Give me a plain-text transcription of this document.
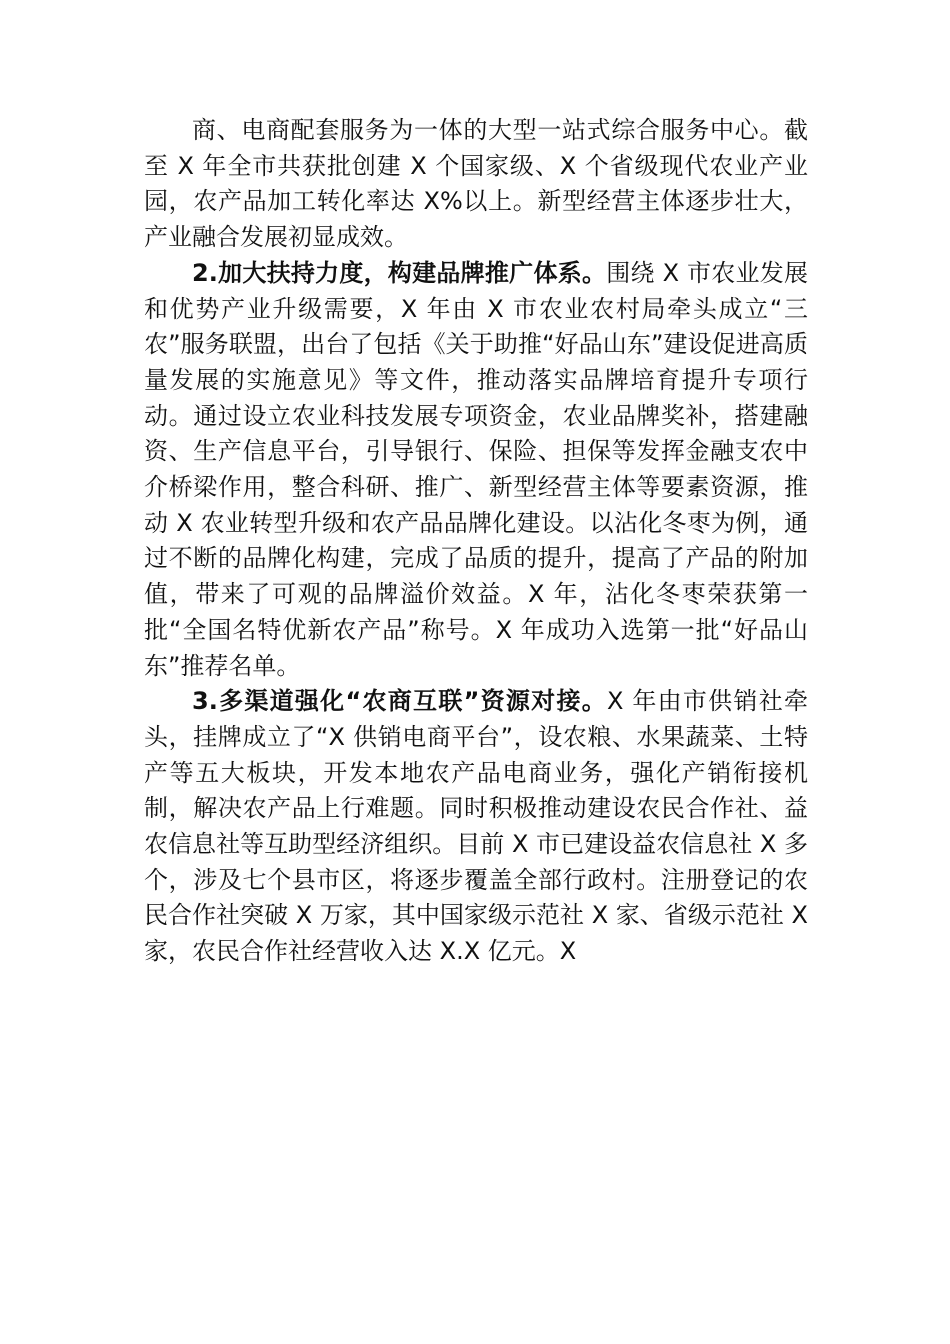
商、电商配套服务为一体的大型一站式综合服务中心。截至 X 年全市共获批创建 X 个国家级、X 个省级现代农业产业园，农产品加工转化率达 X%以上。新型经营主体逐步壮大，产业融合发展初显成效。

2.加大扶持力度，构建品牌推广体系。围绕 X 市农业发展和优势产业升级需要，X 年由 X 市农业农村局牵头成立“三农”服务联盟，出台了包括《关于助推“好品山东”建设促进高质量发展的实施意见》等文件，推动落实品牌培育提升专项行动。通过设立农业科技发展专项资金，农业品牌奖补，搭建融资、生产信息平台，引导银行、保险、担保等发挥金融支农中介桥梁作用，整合科研、推广、新型经营主体等要素资源，推动 X 农业转型升级和农产品品牌化建设。以沾化冬枣为例，通过不断的品牌化构建，完成了品质的提升，提高了产品的附加值，带来了可观的品牌溢价效益。X 年，沾化冬枣荣获第一批“全国名特优新农产品”称号。X 年成功入选第一批“好品山东”推荐名单。

3.多渠道强化“农商互联”资源对接。X 年由市供销社牵头，挂牌成立了“X 供销电商平台”，设农粮、水果蔬菜、土特产等五大板块，开发本地农产品电商业务，强化产销衔接机制，解决农产品上行难题。同时积极推动建设农民合作社、益农信息社等互助型经济组织。目前 X 市已建设益农信息社 X 多个，涉及七个县市区，将逐步覆盖全部行政村。注册登记的农民合作社突破 X 万家，其中国家级示范社 X 家、省级示范社 X 家，农民合作社经营收入达 X.X 亿元。X
